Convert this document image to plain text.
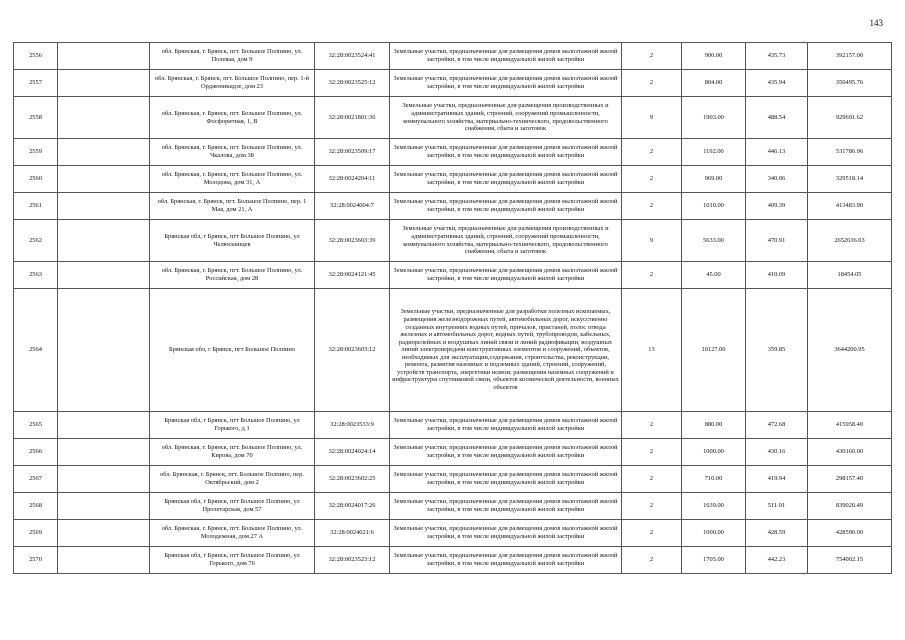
143
2556		обл. Брянская, г. Брянск, пгт. Большое Полпино, ул. Полевая, дом 9	32:28:0023524:41	Земельные участки, предназначенные для размещения домов малоэтажной жилой застройки, в том числе индивидуальной жилой застройки	2	900.00	435.73	392157.00
2557		обл. Брянская, г. Брянск, пгт. Большое Полпино, пер. 1-й Орджоникидзе, дом 23	32:28:0023525:12	Земельные участки, предназначенные для размещения домов малоэтажной жилой застройки, в том числе индивидуальной жилой застройки	2	804.00	435.94	350495.76
2558		обл. Брянская, г. Брянск, пгт. Большое Полпино, ул. Фосфоритная, 1, В	32:28:0021801:36	Земельные участки, предназначенные для размещения производственных и административных зданий, строений, сооружений промышленности, коммунального хозяйства, материально-технического, продовольственного снабжения, сбыта и заготовок	9	1903.00	488.54	929691.62
2559		обл. Брянская, г. Брянск, пгт. Большое Полпино, ул. Чкалова, дом 38	32:28:0023509:17	Земельные участки, предназначенные для размещения домов малоэтажной жилой застройки, в том числе индивидуальной жилой застройки	2	1192.00	446.13	531786.96
2560		обл. Брянская, г. Брянск, пгт. Большое Полпино, ул. Молодова, дом 31, А	32:28:0024204:11	Земельные участки, предназначенные для размещения домов малоэтажной жилой застройки, в том числе индивидуальной жилой застройки	2	969.00	340.06	329518.14
2561		обл. Брянская, г. Брянск, пгт. Большое Полпино, пер. 1 Мая, дом 21, А	32:28:0024004:7	Земельные участки, предназначенные для размещения домов малоэтажной жилой застройки, в том числе индивидуальной жилой застройки	2	1010.00	409.39	413483.90
2562		Брянская обл, г Брянск, пгт Большое Полпино, ул Челюскинцев	32:28:0023603:39	Земельные участки, предназначенные для размещения производственных и административных зданий, строений, сооружений промышленности, коммунального хозяйства, материально-технического, продовольственного снабжения, сбыта и заготовок	9	5633.00	470.91	2652636.03
2563		обл. Брянская, г. Брянск, пгт. Большое Полпино, ул. Российская, дом 28	32:28:0024121:45	Земельные участки, предназначенные для размещения домов малоэтажной жилой застройки, в том числе индивидуальной жилой застройки	2	45.00	410.09	18454.05
2564		Брянская обл, г Брянск, пгт Большое Полпино	32:28:0023603:12	Земельные участки, предназначенные для разработки полезных ископаемых, размещения железнодорожных путей, автомобильных дорог, искусственно созданных внутренних водных путей, причалов, пристаней, полос отвода железных и автомобильных дорог, водных путей, трубопроводов, кабельных, радиорелейных и воздушных линий связи и линий радиофикации, воздушных линий электропередачи конструктивных элементов и сооружений, объектов, необходимых для эксплуатации,содержания, строительства, реконструкции, ремонта, развития наземных и подземных зданий, строений, сооружений, устройств транспорта, энергетики исвязи; размещения наземных сооружений и инфраструктуры спутниковой связи, объектов космической деятельности, военных объектов	13	10127.00	359.85	3644200.95
2565		Брянская обл, г Брянск, пгт Большое Полпино, ул Горького, д 1	32:28:0023533:9	Земельные участки, предназначенные для размещения домов малоэтажной жилой застройки, в том числе индивидуальной жилой застройки	2	880.00	472.68	415958.40
2566		обл. Брянская, г. Брянск, пгт. Большое Полпино, ул. Кирова, дом 70	32:28:0024024:14	Земельные участки, предназначенные для размещения домов малоэтажной жилой застройки, в том числе индивидуальной жилой застройки	2	1000.00	430.16	430160.00
2567		обл. Брянская, г. Брянск, пгт. Большое Полпино, пер. Октябрьский, дом 2	32:28:0023602:25	Земельные участки, предназначенные для размещения домов малоэтажной жилой застройки, в том числе индивидуальной жилой застройки	2	710.00	419.94	298157.40
2568		Брянская обл, г Брянск, пгт Большое Полпино, ул Пролетарская, дом 57	32:28:0024017:26	Земельные участки, предназначенные для размещения домов малоэтажной жилой застройки, в том числе индивидуальной жилой застройки	2	1639.00	511.91	839020.49
2569		обл. Брянская, г. Брянск, пгт. Большое Полпино, ул. Молодежная, дом 27 А	32:28:0024021:6	Земельные участки, предназначенные для размещения домов малоэтажной жилой застройки, в том числе индивидуальной жилой застройки	2	1000.00	428.59	428590.00
2570		Брянская обл, г Брянск, пгт Большое Полпино, ул Горького, дом 76	32:28:0023523:12	Земельные участки, предназначенные для размещения домов малоэтажной жилой застройки, в том числе индивидуальной жилой застройки	2	1705.00	442.23	754002.15
